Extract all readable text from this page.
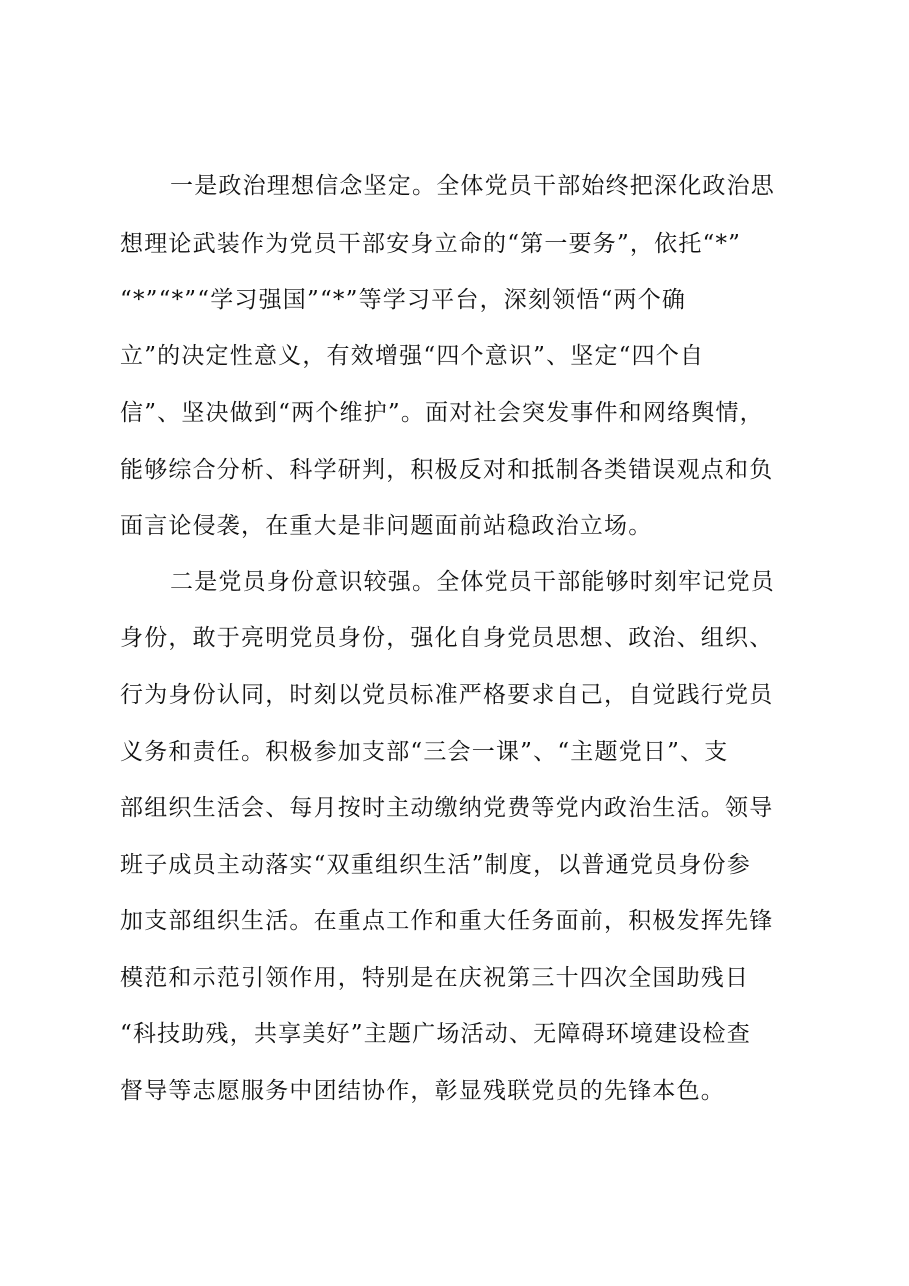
一是政治理想信念坚定。全体党员干部始终把深化政治思
想理论武装作为党员干部安身立命的“第一要务”，依托“*”
“*”“*”“学习强国”“*”等学习平台，深刻领悟“两个确
立”的决定性意义，有效增强“四个意识”、坚定“四个自
信”、坚决做到“两个维护”。面对社会突发事件和网络舆情，
能够综合分析、科学研判，积极反对和抵制各类错误观点和负
面言论侵袭，在重大是非问题面前站稳政治立场。
二是党员身份意识较强。全体党员干部能够时刻牢记党员
身份，敢于亮明党员身份，强化自身党员思想、政治、组织、
行为身份认同，时刻以党员标准严格要求自己，自觉践行党员
义务和责任。积极参加支部“三会一课”、“主题党日”、支
部组织生活会、每月按时主动缴纳党费等党内政治生活。领导
班子成员主动落实“双重组织生活”制度，以普通党员身份参
加支部组织生活。在重点工作和重大任务面前，积极发挥先锋
模范和示范引领作用，特别是在庆祝第三十四次全国助残日
“科技助残，共享美好”主题广场活动、无障碍环境建设检查
督导等志愿服务中团结协作，彰显残联党员的先锋本色。
